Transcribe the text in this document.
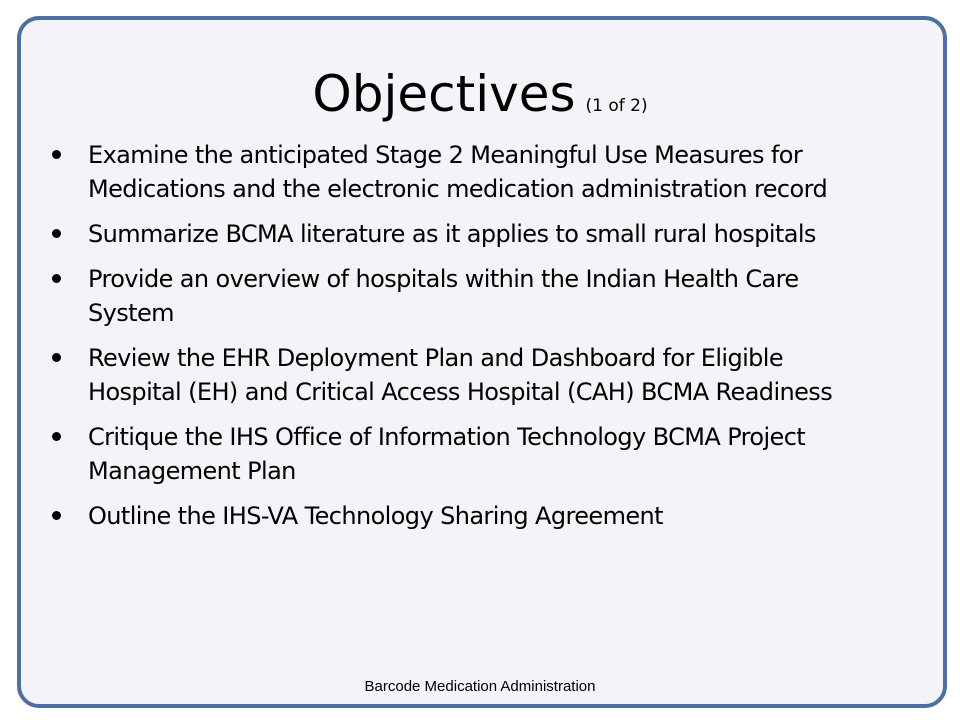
Objectives (1 of 2)
Examine the anticipated Stage 2 Meaningful Use Measures for
Medications and the electronic medication administration record
Summarize BCMA literature as it applies to small rural hospitals
Provide an overview of hospitals within the Indian Health Care
System
Review the EHR Deployment Plan and Dashboard for Eligible
Hospital (EH) and Critical Access Hospital (CAH) BCMA Readiness
Critique the IHS Office of Information Technology BCMA Project
Management Plan
Outline the IHS-VA Technology Sharing Agreement
Barcode Medication Administration
